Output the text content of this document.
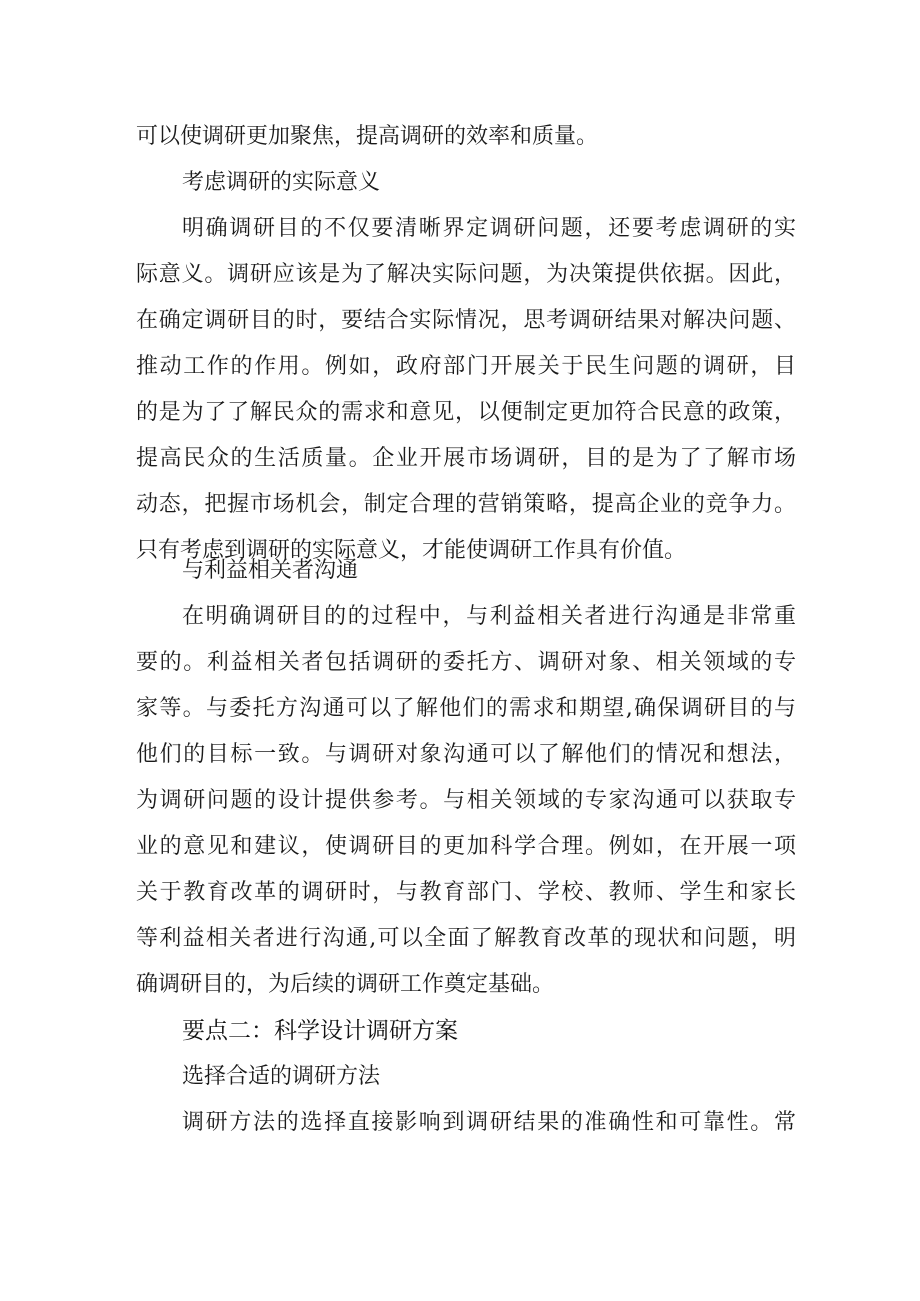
可以使调研更加聚焦，提高调研的效率和质量。
考虑调研的实际意义
明确调研目的不仅要清晰界定调研问题，还要考虑调研的实
际意义。调研应该是为了解决实际问题，为决策提供依据。因此，
在确定调研目的时，要结合实际情况，思考调研结果对解决问题、
推动工作的作用。例如，政府部门开展关于民生问题的调研，目
的是为了了解民众的需求和意见，以便制定更加符合民意的政策，
提高民众的生活质量。企业开展市场调研，目的是为了了解市场
动态，把握市场机会，制定合理的营销策略，提高企业的竞争力。
只有考虑到调研的实际意义，才能使调研工作具有价值。
与利益相关者沟通
在明确调研目的的过程中，与利益相关者进行沟通是非常重
要的。利益相关者包括调研的委托方、调研对象、相关领域的专
家等。与委托方沟通可以了解他们的需求和期望,确保调研目的与
他们的目标一致。与调研对象沟通可以了解他们的情况和想法，
为调研问题的设计提供参考。与相关领域的专家沟通可以获取专
业的意见和建议，使调研目的更加科学合理。例如，在开展一项
关于教育改革的调研时，与教育部门、学校、教师、学生和家长
等利益相关者进行沟通,可以全面了解教育改革的现状和问题，明
确调研目的，为后续的调研工作奠定基础。
要点二：科学设计调研方案
选择合适的调研方法
调研方法的选择直接影响到调研结果的准确性和可靠性。常
